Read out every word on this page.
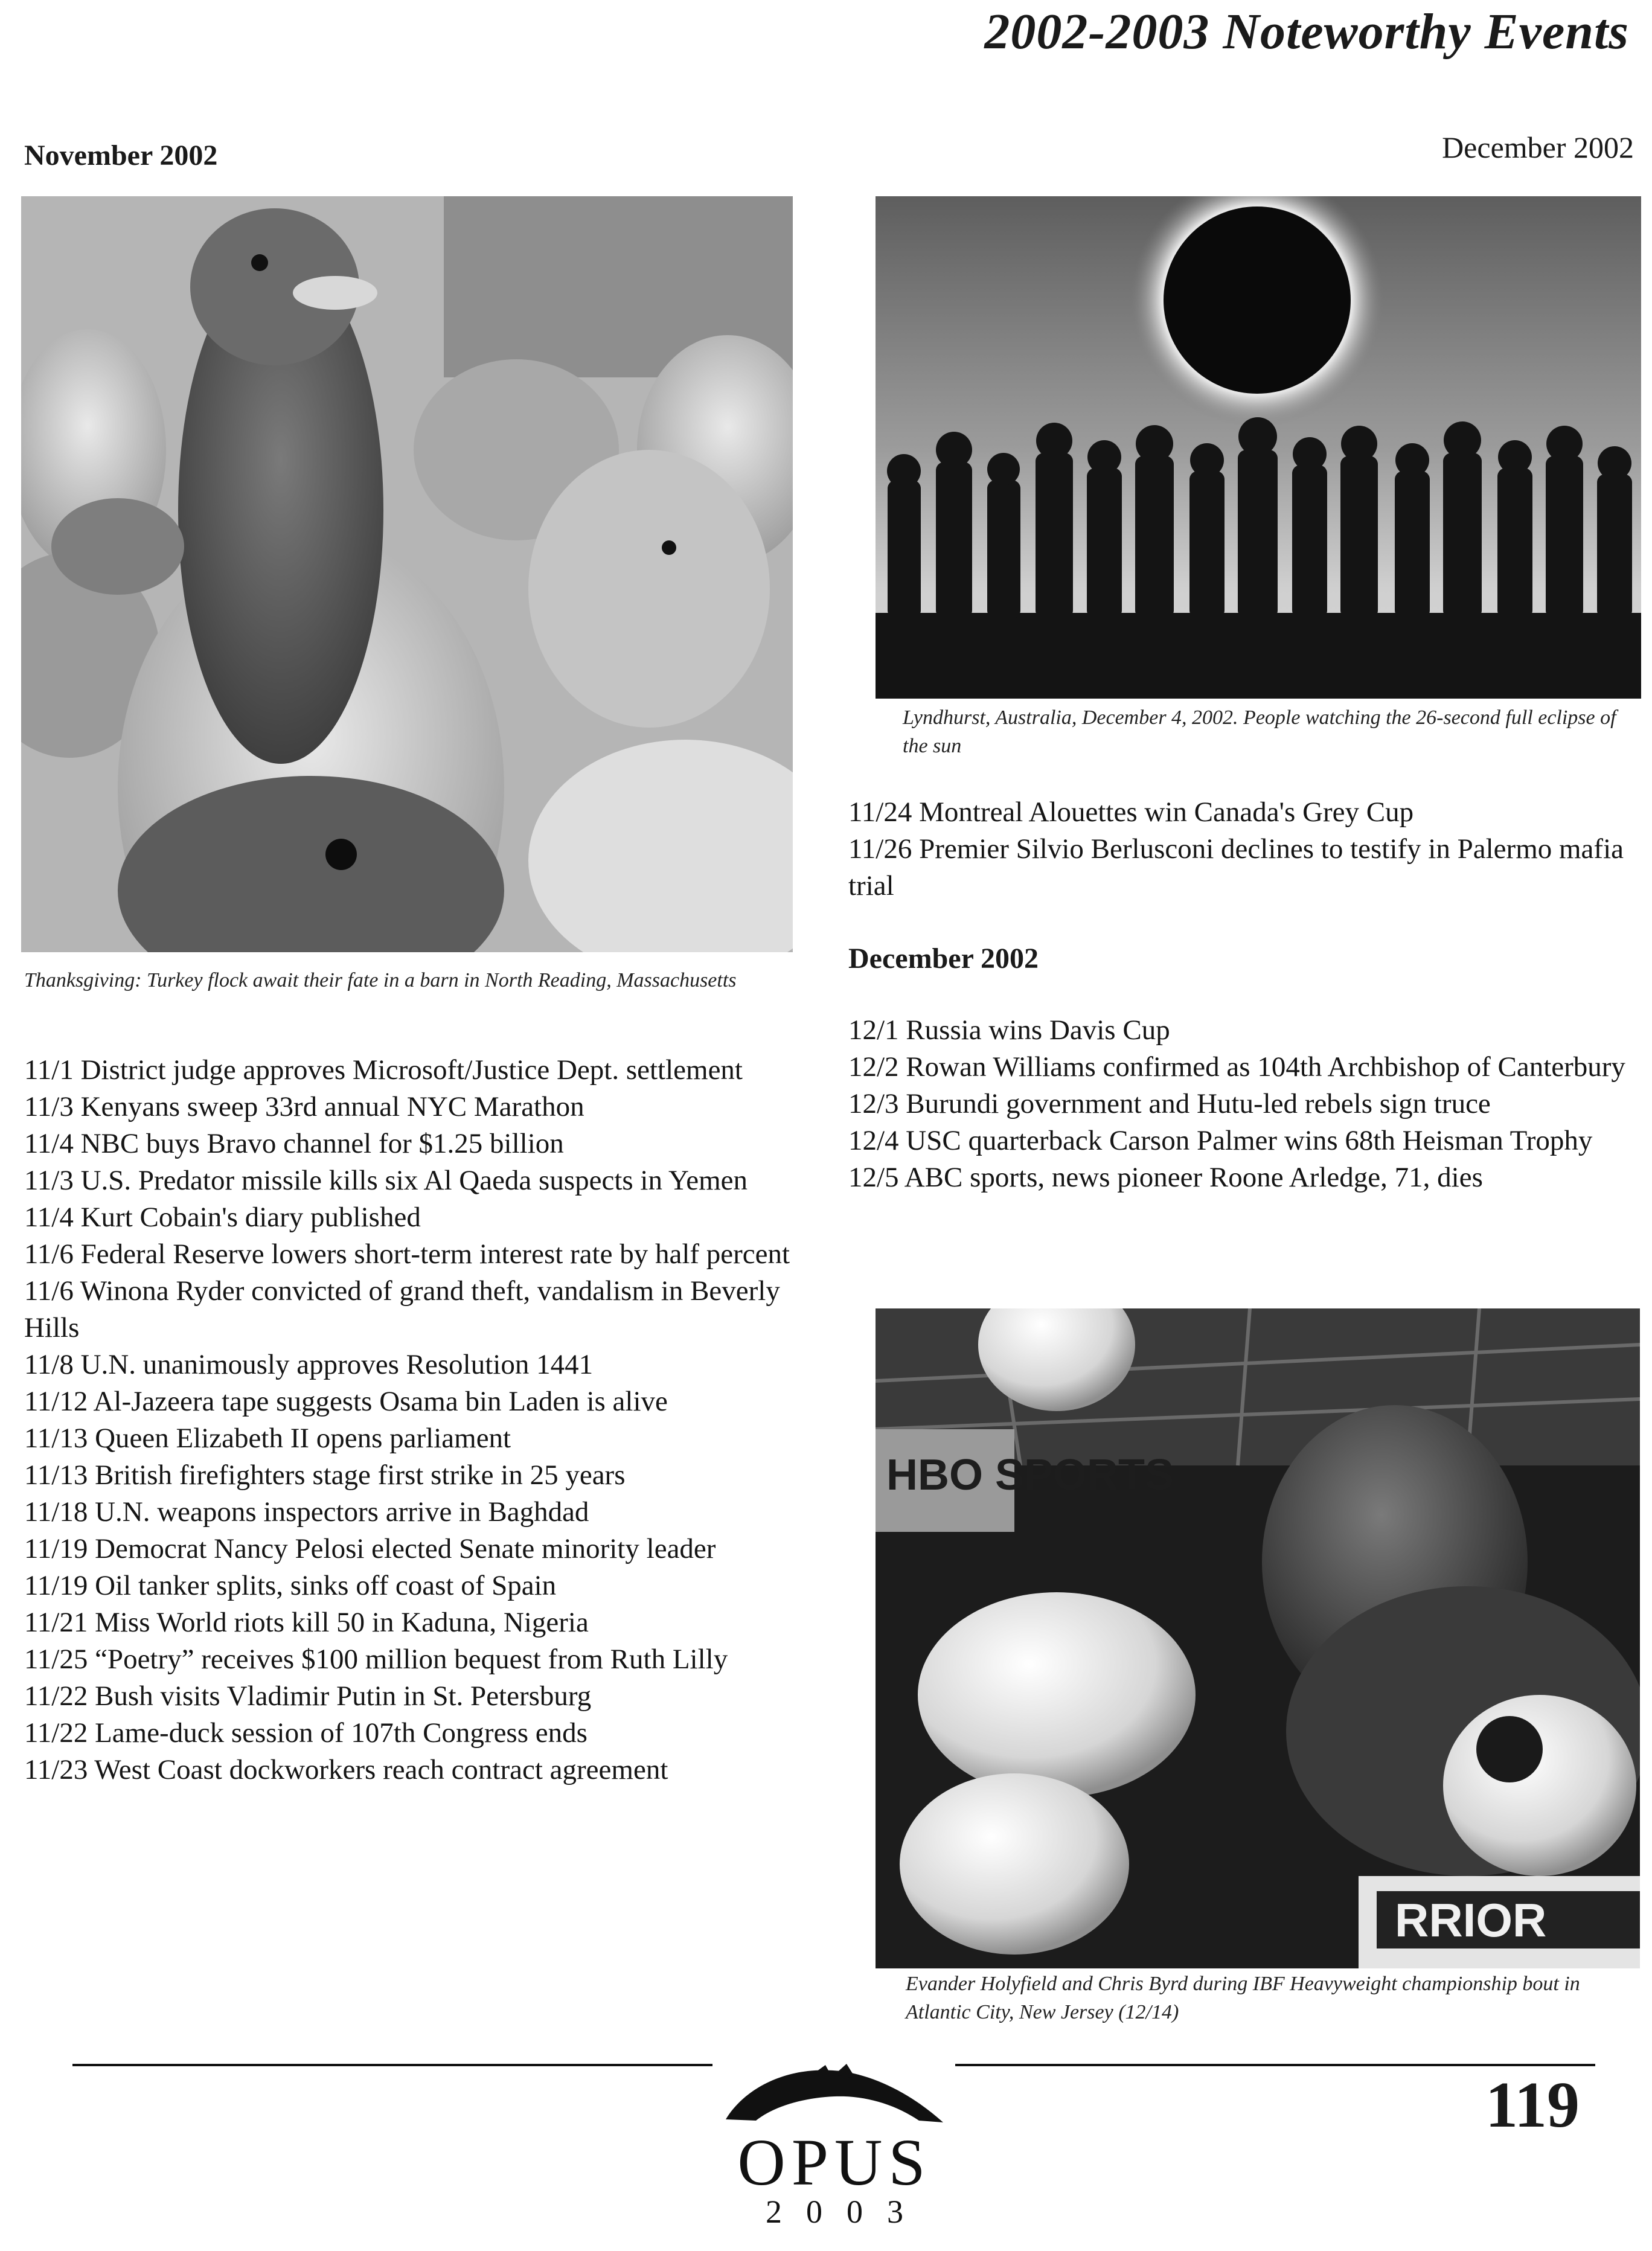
2002-2003 Noteworthy Events
November 2002	December 2002
Thanksgiving: Turkey flock await their fate in a barn in North Reading, Massachusetts
Lyndhurst, Australia, December 4, 2002. People watching the 26-second full eclipse of the sun

11/1 District judge approves Microsoft/Justice Dept. settlement

11/3 Kenyans sweep 33rd annual NYC Marathon

11/4 NBC buys Bravo channel for $1.25 billion

11/3 U.S. Predator missile kills six Al Qaeda suspects in Yemen

11/4 Kurt Cobain's diary published

11/6 Federal Reserve lowers short-term interest rate by half percent

11/6 Winona Ryder convicted of grand theft, vandalism in Beverly Hills

11/8 U.N. unanimously approves Resolution 1441

11/12 Al-Jazeera tape suggests Osama bin Laden is alive

11/13 Queen Elizabeth II opens parliament

11/13 British firefighters stage first strike in 25 years

11/18 U.N. weapons inspectors arrive in Baghdad

11/19 Democrat Nancy Pelosi elected Senate minority leader

11/19 Oil tanker splits, sinks off coast of Spain

11/21 Miss World riots kill 50 in Kaduna, Nigeria

11/25 “Poetry” receives $100 million bequest from Ruth Lilly

11/22 Bush visits Vladimir Putin in St. Petersburg

11/22 Lame-duck session of 107th Congress ends

11/23 West Coast dockworkers reach contract agreement

11/24 Montreal Alouettes win Canada's Grey Cup

11/26 Premier Silvio Berlusconi declines to testify in Palermo mafia trial

December 2002

12/1 Russia wins Davis Cup

12/2 Rowan Williams confirmed as 104th Archbishop of Canterbury

12/3 Burundi government and Hutu-led rebels sign truce

12/4 USC quarterback Carson Palmer wins 68th Heisman Trophy

12/5 ABC sports, news pioneer Roone Arledge, 71, dies

HBO SPORTS
RRIOR
Evander Holyfield and Chris Byrd during IBF Heavyweight championship bout in Atlantic City, New Jersey (12/14)
OPUS
2003
119
